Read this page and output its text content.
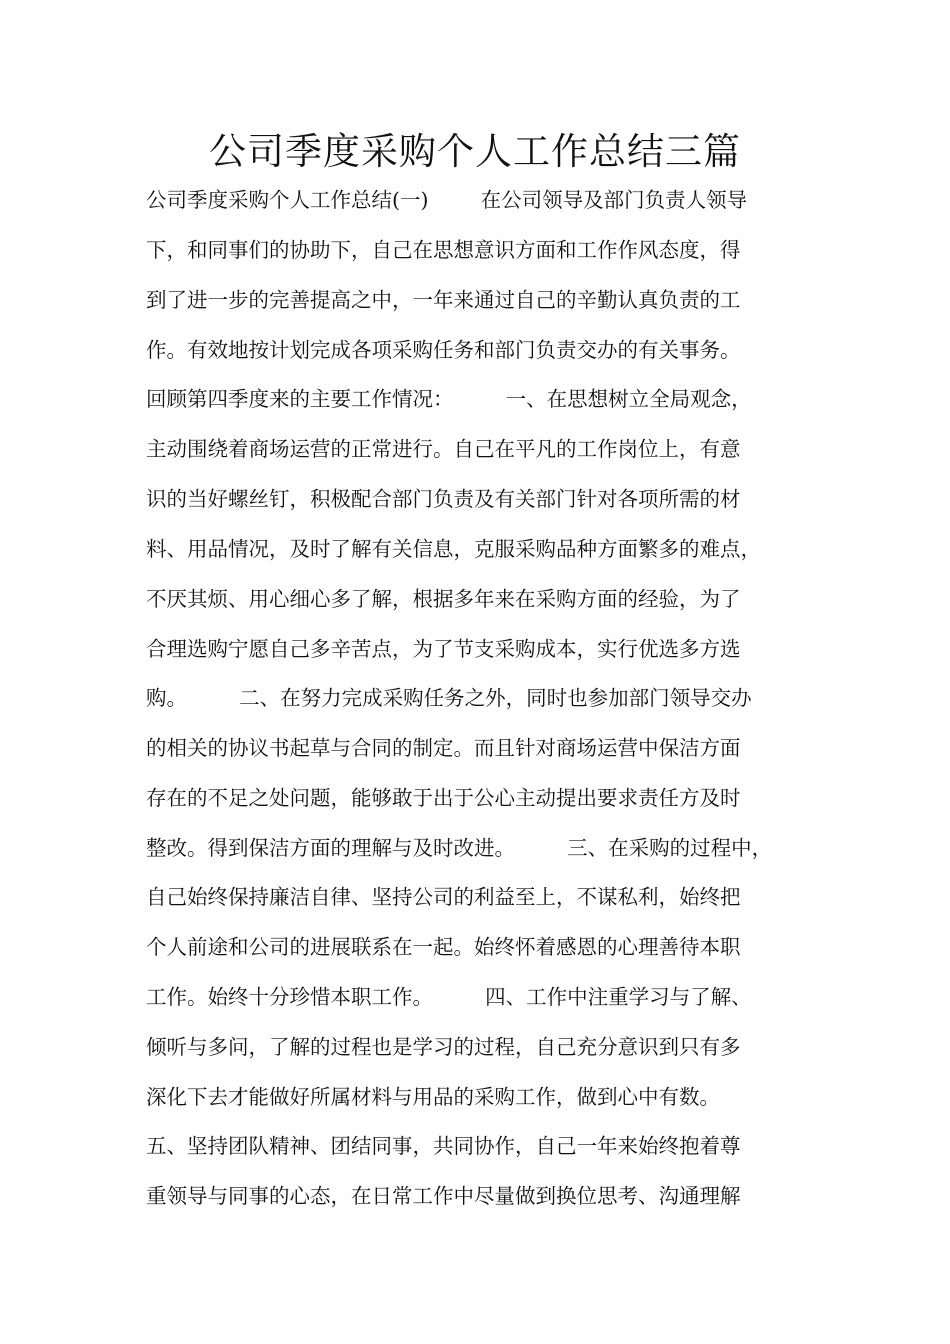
公司季度采购个人工作总结三篇
公司季度采购个人工作总结(一)        在公司领导及部门负责人领导
下，和同事们的协助下，自己在思想意识方面和工作作风态度，得
到了进一步的完善提高之中，一年来通过自己的辛勤认真负责的工
作。有效地按计划完成各项采购任务和部门负责交办的有关事务。
回顾第四季度来的主要工作情况：        一、在思想树立全局观念，
主动围绕着商场运营的正常进行。自己在平凡的工作岗位上，有意
识的当好螺丝钉，积极配合部门负责及有关部门针对各项所需的材
料、用品情况，及时了解有关信息，克服采购品种方面繁多的难点，
不厌其烦、用心细心多了解，根据多年来在采购方面的经验，为了
合理选购宁愿自己多辛苦点，为了节支采购成本，实行优选多方选
购。        二、在努力完成采购任务之外，同时也参加部门领导交办
的相关的协议书起草与合同的制定。而且针对商场运营中保洁方面
存在的不足之处问题，能够敢于出于公心主动提出要求责任方及时
整改。得到保洁方面的理解与及时改进。        三、在采购的过程中，
自己始终保持廉洁自律、坚持公司的利益至上，不谋私利，始终把
个人前途和公司的进展联系在一起。始终怀着感恩的心理善待本职
工作。始终十分珍惜本职工作。        四、工作中注重学习与了解、
倾听与多问，了解的过程也是学习的过程，自己充分意识到只有多
深化下去才能做好所属材料与用品的采购工作，做到心中有数。
五、坚持团队精神、团结同事，共同协作，自己一年来始终抱着尊
重领导与同事的心态，在日常工作中尽量做到换位思考、沟通理解
